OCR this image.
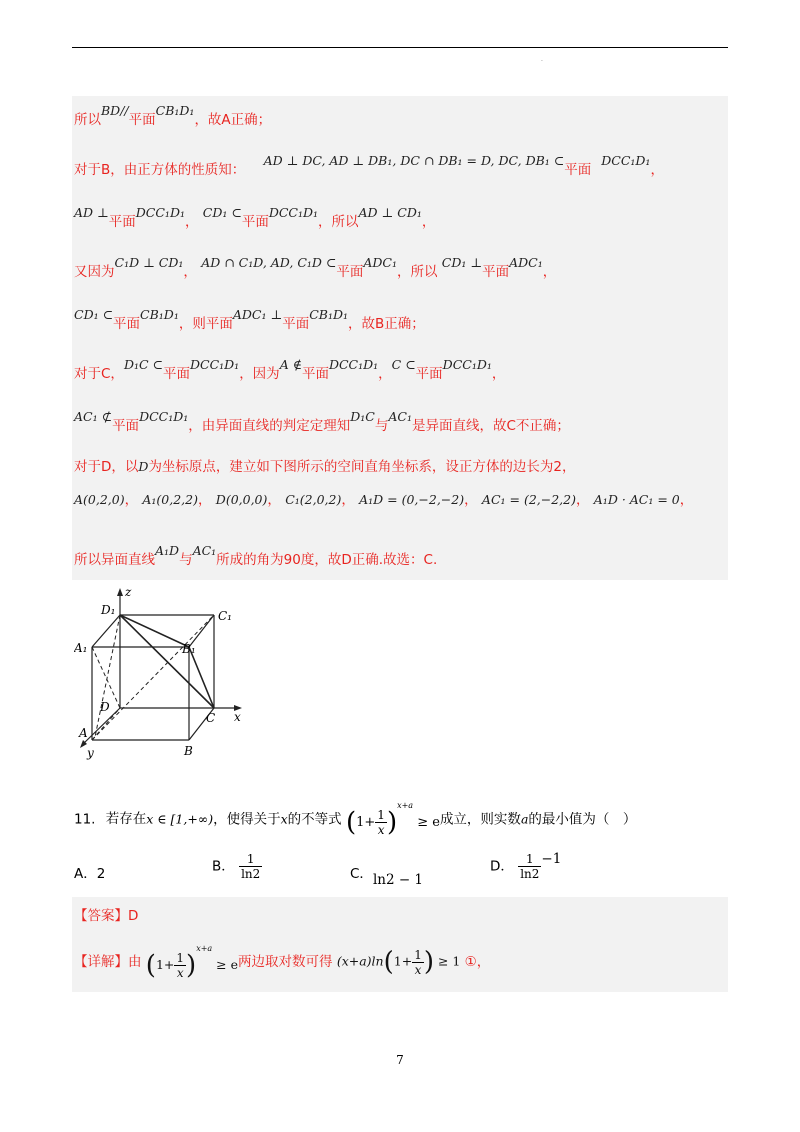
·
所以BD//平面CB₁D₁，故A正确；
对于B，由正方体的性质知： AD ⊥ DC, AD ⊥ DB₁, DC ∩ DB₁ = D, DC, DB₁ ⊂平面DCC₁D₁，
AD ⊥平面DCC₁D₁， CD₁ ⊂平面DCC₁D₁，所以AD ⊥ CD₁，
又因为C₁D ⊥ CD₁， AD ∩ C₁D, AD, C₁D ⊂平面ADC₁，所以 CD₁ ⊥平面ADC₁，
CD₁ ⊂平面CB₁D₁，则平面ADC₁ ⊥平面CB₁D₁，故B正确；
对于C，D₁C ⊂平面DCC₁D₁，因为A ∉平面DCC₁D₁，C ⊂平面DCC₁D₁，
AC₁ ⊄平面DCC₁D₁，由异面直线的判定定理知D₁C与AC₁是异面直线，故C不正确；
对于D，以D为坐标原点，建立如下图所示的空间直角坐标系，设正方体的边长为2，
A(0,2,0)， A₁(0,2,2)， D(0,0,0)， C₁(2,0,2)， A₁D = (0,−2,−2)， AC₁ = (2,−2,2)， A₁D · AC₁ = 0，
所以异面直线A₁D与AC₁所成的角为90度，故D正确.故选：C.
z
x
y
D₁	C₁
A₁	B₁
D
C
A
B
11. 若存在x ∈ [1,+∞)，使得关于x的不等式 $(1+ \frac{1}{x} )^{x+a} \ge e$成立，则实数a的最小值为（　）
A．2	B． $\frac{1}{\ln 2}$	C．ln2 − 1
D． $\frac{1}{\ln 2} -1$
【答案】D
【详解】由 $(1+ \frac{1}{x} )^{x+a} \ge e$两边取对数可得 $(x+a)\ln(1+ \frac{1}{x}$ ) ≥ 1 ①，
7
